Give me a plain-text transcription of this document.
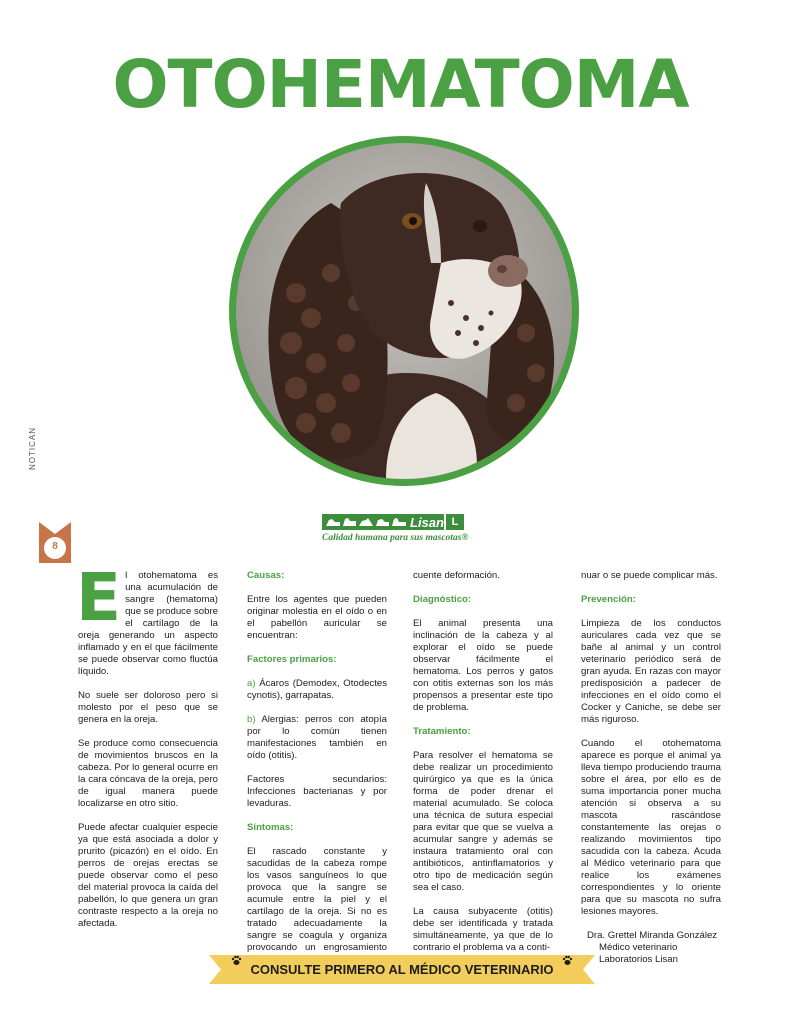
OTOHEMATOMA
NOTICAN
8
Lisan L
Calidad humana para sus mascotas®

El otohematoma es una acumulación de sangre (hematoma) que se produce sobre el cartílago de la oreja generando un aspecto inflamado y en el que fácilmente se puede observar como fluctúa líquido.

No suele ser doloroso pero si molesto por el peso que se genera en la oreja.

Se produce como consecuencia de movimientos bruscos en la cabeza. Por lo general ocurre en la cara cóncava de la oreja, pero de igual manera puede localizarse en otro sitio.

Puede afectar cualquier especie ya que está asociada a dolor y prurito (picazón) en el oído. En perros de orejas erectas se puede observar como el peso del material provoca la caída del pabellón, lo que genera un gran contraste respecto a la oreja no afectada.

Causas:

Entre los agentes que pueden originar molestia en el oído o en el pabellón auricular se encuentran:

Factores primarios:

a) Ácaros (Demodex, Otodectes cynotis), garrapatas.

b) Alergias: perros con atopía por lo común tienen manifestaciones también en oído (otitis).

Factores secundarios: Infecciones bacterianas y por levaduras.

Síntomas:

El rascado constante y sacudidas de la cabeza rompe los vasos sanguíneos lo que provoca que la sangre se acumule entre la piel y el cartílago de la oreja. Si no es tratado adecuadamente la sangre se coagula y organiza provocando un engrosamiento

cuente deformación.

Diagnóstico:

El animal presenta una inclinación de la cabeza y al explorar el oído se puede observar fácilmente el hematoma. Los perros y gatos con otitis externas son los más propensos a presentar este tipo de problema.

Tratamiento:

Para resolver el hematoma se debe realizar un procedimiento quirúrgico ya que es la única forma de poder drenar el material acumulado. Se coloca una técnica de sutura especial para evitar que que se vuelva a acumular sangre y además se instaura tratamiento oral con antibióticos, antinflamatorios y otro tipo de medicación según sea el caso.

La causa subyacente (otitis) debe ser identificada y tratada simultáneamente, ya que de lo contrario el problema va a conti-

nuar o se puede complicar más.

Prevención:

Limpieza de los conductos auriculares cada vez que se bañe al animal y un control veterinario periódico será de gran ayuda. En razas con mayor predisposición a padecer de infecciones en el oído como el Cocker y Caniche, se debe ser más riguroso.

Cuando el otohematoma aparece es porque el animal ya lleva tiempo produciendo trauma sobre el área, por ello es de suma importancia poner mucha atención si observa a su mascota rascándose constantemente las orejas o realizando movimientos tipo sacudida con la cabeza. Acuda al Médico veterinario para que realice los exámenes correspondientes y lo oriente para que su mascota no sufra lesiones mayores.

Dra. Grettel Miranda González
Médico veterinario
Laboratorios Lisan
CONSULTE PRIMERO AL MÉDICO VETERINARIO
